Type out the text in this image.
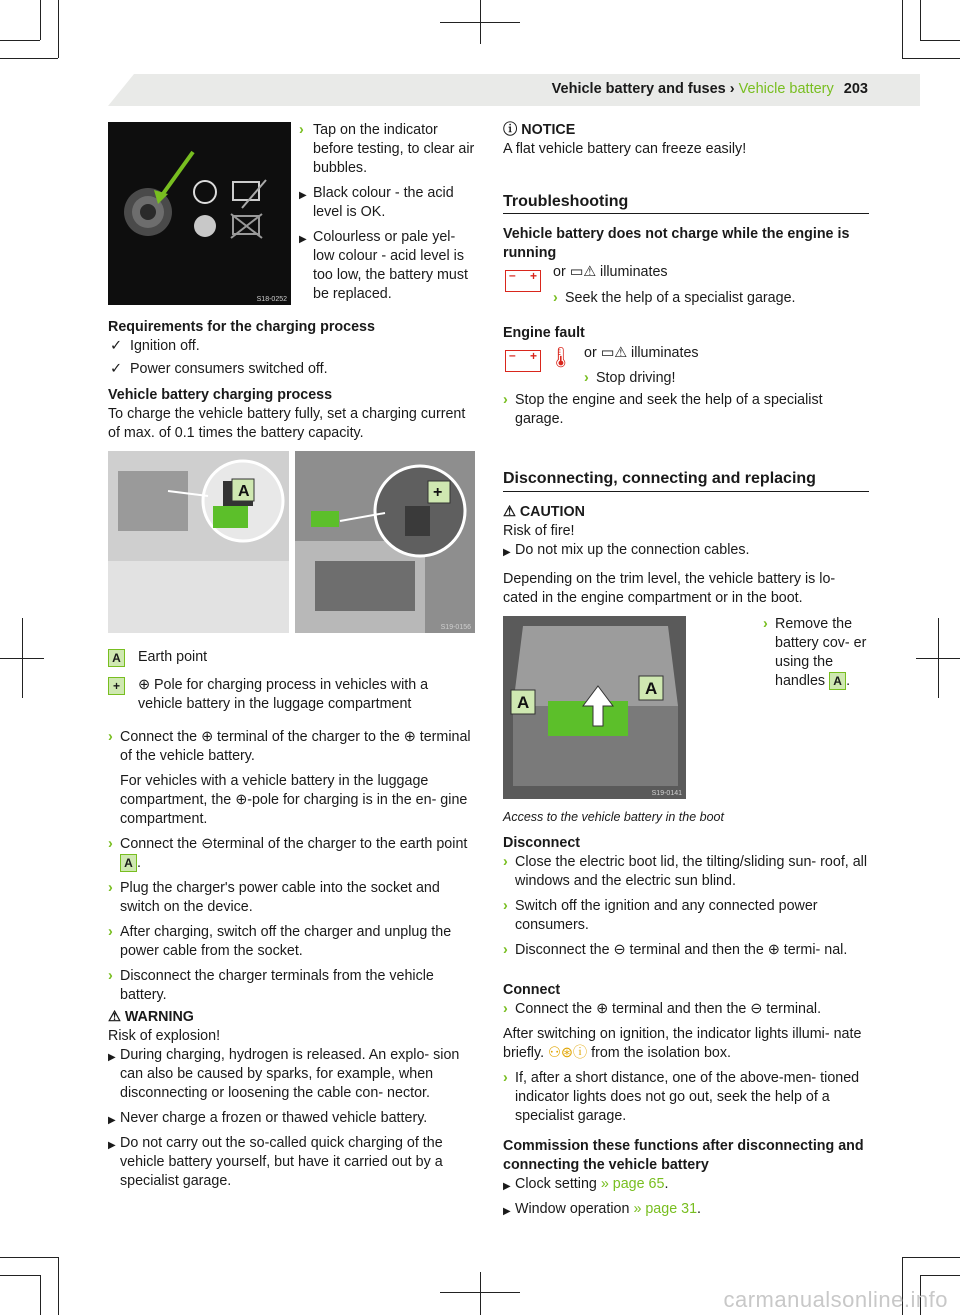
Vehicle battery and fuses › Vehicle battery 203
S18-0252
› Tap on the indicator before testing, to clear air bubbles.
▶ Black colour - the acid level is OK.
▶ Colourless or pale yel- low colour - acid level is too low, the battery must be replaced.
Requirements for the charging process
✓ Ignition off.
✓ Power consumers switched off.
Vehicle battery charging process
To charge the vehicle battery fully, set a charging current of max. of 0.1 times the battery capacity.
A	+
S19-0156
A Earth point
+	⊕ Pole for charging process in vehicles with a vehicle battery in the luggage compartment
› Connect the ⊕ terminal of the charger to the ⊕ terminal of the vehicle battery.
For vehicles with a vehicle battery in the luggage compartment, the ⊕-pole for charging is in the en- gine compartment.
› Connect the ⊖terminal of the charger to the earth point A .
› Plug the charger's power cable into the socket and switch on the device.
› After charging, switch off the charger and unplug the power cable from the socket.
› Disconnect the charger terminals from the vehicle battery.
⚠ WARNING
Risk of explosion!
▶ During charging, hydrogen is released. An explo- sion can also be caused by sparks, for example, when disconnecting or loosening the cable con- nector.
▶ Never charge a frozen or thawed vehicle battery.
▶ Do not carry out the so-called quick charging of the vehicle battery yourself, but have it carried out by a specialist garage.
ⓘ NOTICE
A flat vehicle battery can freeze easily!
Troubleshooting
Vehicle battery does not charge while the engine is running
– + or ▭⚠ illuminates
› Seek the help of a specialist garage.
Engine fault
– + 🌡 or ▭⚠ illuminates
› Stop driving!
› Stop the engine and seek the help of a specialist garage.
Disconnecting, connecting and replacing
⚠ CAUTION
Risk of fire!
▶ Do not mix up the connection cables.
Depending on the trim level, the vehicle battery is lo- cated in the engine compartment or in the boot.
A
A
S19-0141
› Remove the battery cov- er using the handles A .
Access to the vehicle battery in the boot
Disconnect
› Close the electric boot lid, the tilting/sliding sun- roof, all windows and the electric sun blind.
› Switch off the ignition and any connected power consumers.
› Disconnect the ⊖ terminal and then the ⊕ termi- nal.
Connect
› Connect the ⊕ terminal and then the ⊖ terminal.
After switching on ignition, the indicator lights illumi- nate briefly. ⚇⊛ⓘ from the isolation box.
› If, after a short distance, one of the above-men- tioned indicator lights does not go out, seek the help of a specialist garage.
Commission these functions after disconnecting and connecting the vehicle battery
▶ Clock setting » page 65.
▶ Window operation » page 31.
carmanualsonline.info
